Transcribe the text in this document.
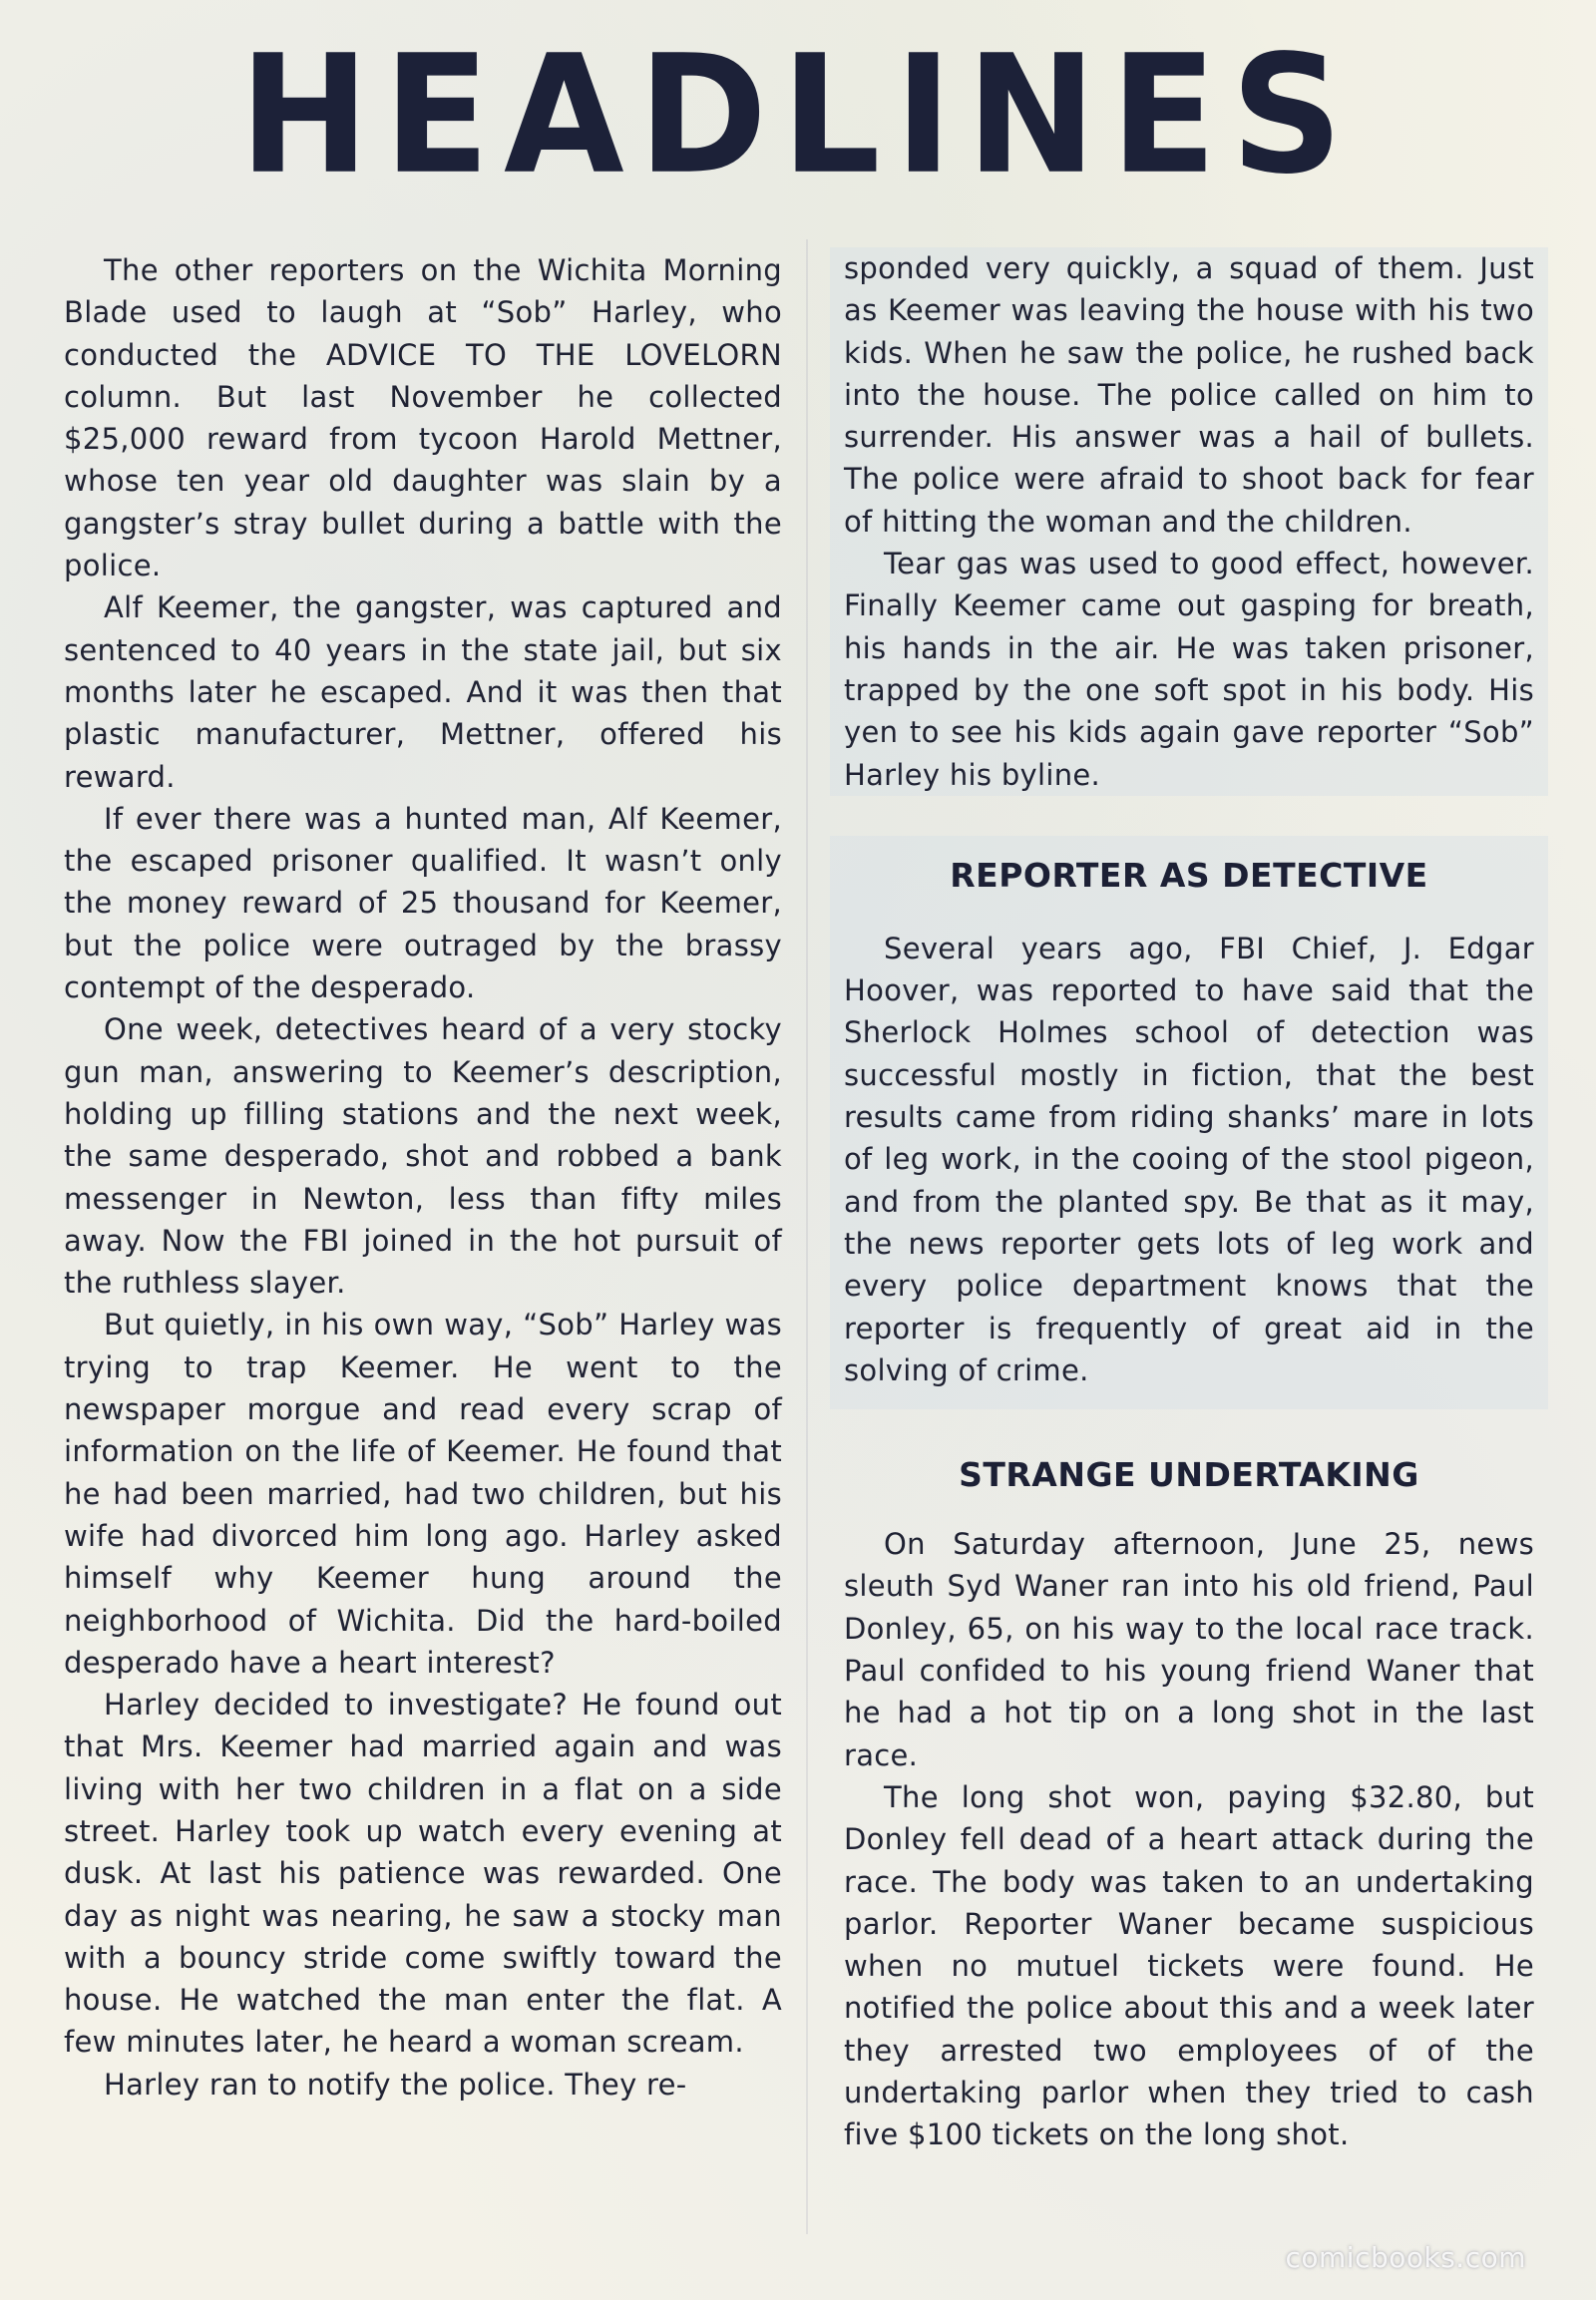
HEADLINES

The other reporters on the Wichita Morning Blade used to laugh at “Sob” Harley, who conducted the ADVICE TO THE LOVELORN column. But last November he collected $25,000 reward from tycoon Harold Mettner, whose ten year old daughter was slain by a gangster’s stray bullet during a battle with the police.

Alf Keemer, the gangster, was captured and sentenced to 40 years in the state jail, but six months later he escaped. And it was then that plastic manufacturer, Mettner, offered his reward.

If ever there was a hunted man, Alf Keemer, the escaped prisoner qualified. It wasn’t only the money reward of 25 thousand for Keemer, but the police were outraged by the brassy contempt of the desperado.

One week, detectives heard of a very stocky gun man, answering to Keemer’s description, holding up filling stations and the next week, the same desperado, shot and robbed a bank messenger in Newton, less than fifty miles away. Now the FBI joined in the hot pursuit of the ruthless slayer.

But quietly, in his own way, “Sob” Harley was trying to trap Keemer. He went to the newspaper morgue and read every scrap of information on the life of Keemer. He found that he had been married, had two children, but his wife had divorced him long ago. Harley asked himself why Keemer hung around the neighborhood of Wichita. Did the hard-boiled desperado have a heart interest?

Harley decided to investigate? He found out that Mrs. Keemer had married again and was living with her two children in a flat on a side street. Harley took up watch every evening at dusk. At last his patience was rewarded. One day as night was nearing, he saw a stocky man with a bouncy stride come swiftly toward the house. He watched the man enter the flat. A few minutes later, he heard a woman scream.

Harley ran to notify the police. They re-

sponded very quickly, a squad of them. Just as Keemer was leaving the house with his two kids. When he saw the police, he rushed back into the house. The police called on him to surrender. His answer was a hail of bullets. The police were afraid to shoot back for fear of hitting the woman and the children.

Tear gas was used to good effect, however. Finally Keemer came out gasping for breath, his hands in the air. He was taken prisoner, trapped by the one soft spot in his body. His yen to see his kids again gave reporter “Sob” Harley his byline.

REPORTER AS DETECTIVE

Several years ago, FBI Chief, J. Edgar Hoover, was reported to have said that the Sherlock Holmes school of detection was successful mostly in fiction, that the best results came from riding shanks’ mare in lots of leg work, in the cooing of the stool pigeon, and from the planted spy. Be that as it may, the news reporter gets lots of leg work and every police department knows that the reporter is frequently of great aid in the solving of crime.

STRANGE UNDERTAKING

On Saturday afternoon, June 25, news sleuth Syd Waner ran into his old friend, Paul Donley, 65, on his way to the local race track. Paul confided to his young friend Waner that he had a hot tip on a long shot in the last race.

The long shot won, paying $32.80, but Donley fell dead of a heart attack during the race. The body was taken to an undertaking parlor. Reporter Waner became suspicious when no mutuel tickets were found. He notified the police about this and a week later they arrested two employees of of the undertaking parlor when they tried to cash five $100 tickets on the long shot.

comicbooks.com
